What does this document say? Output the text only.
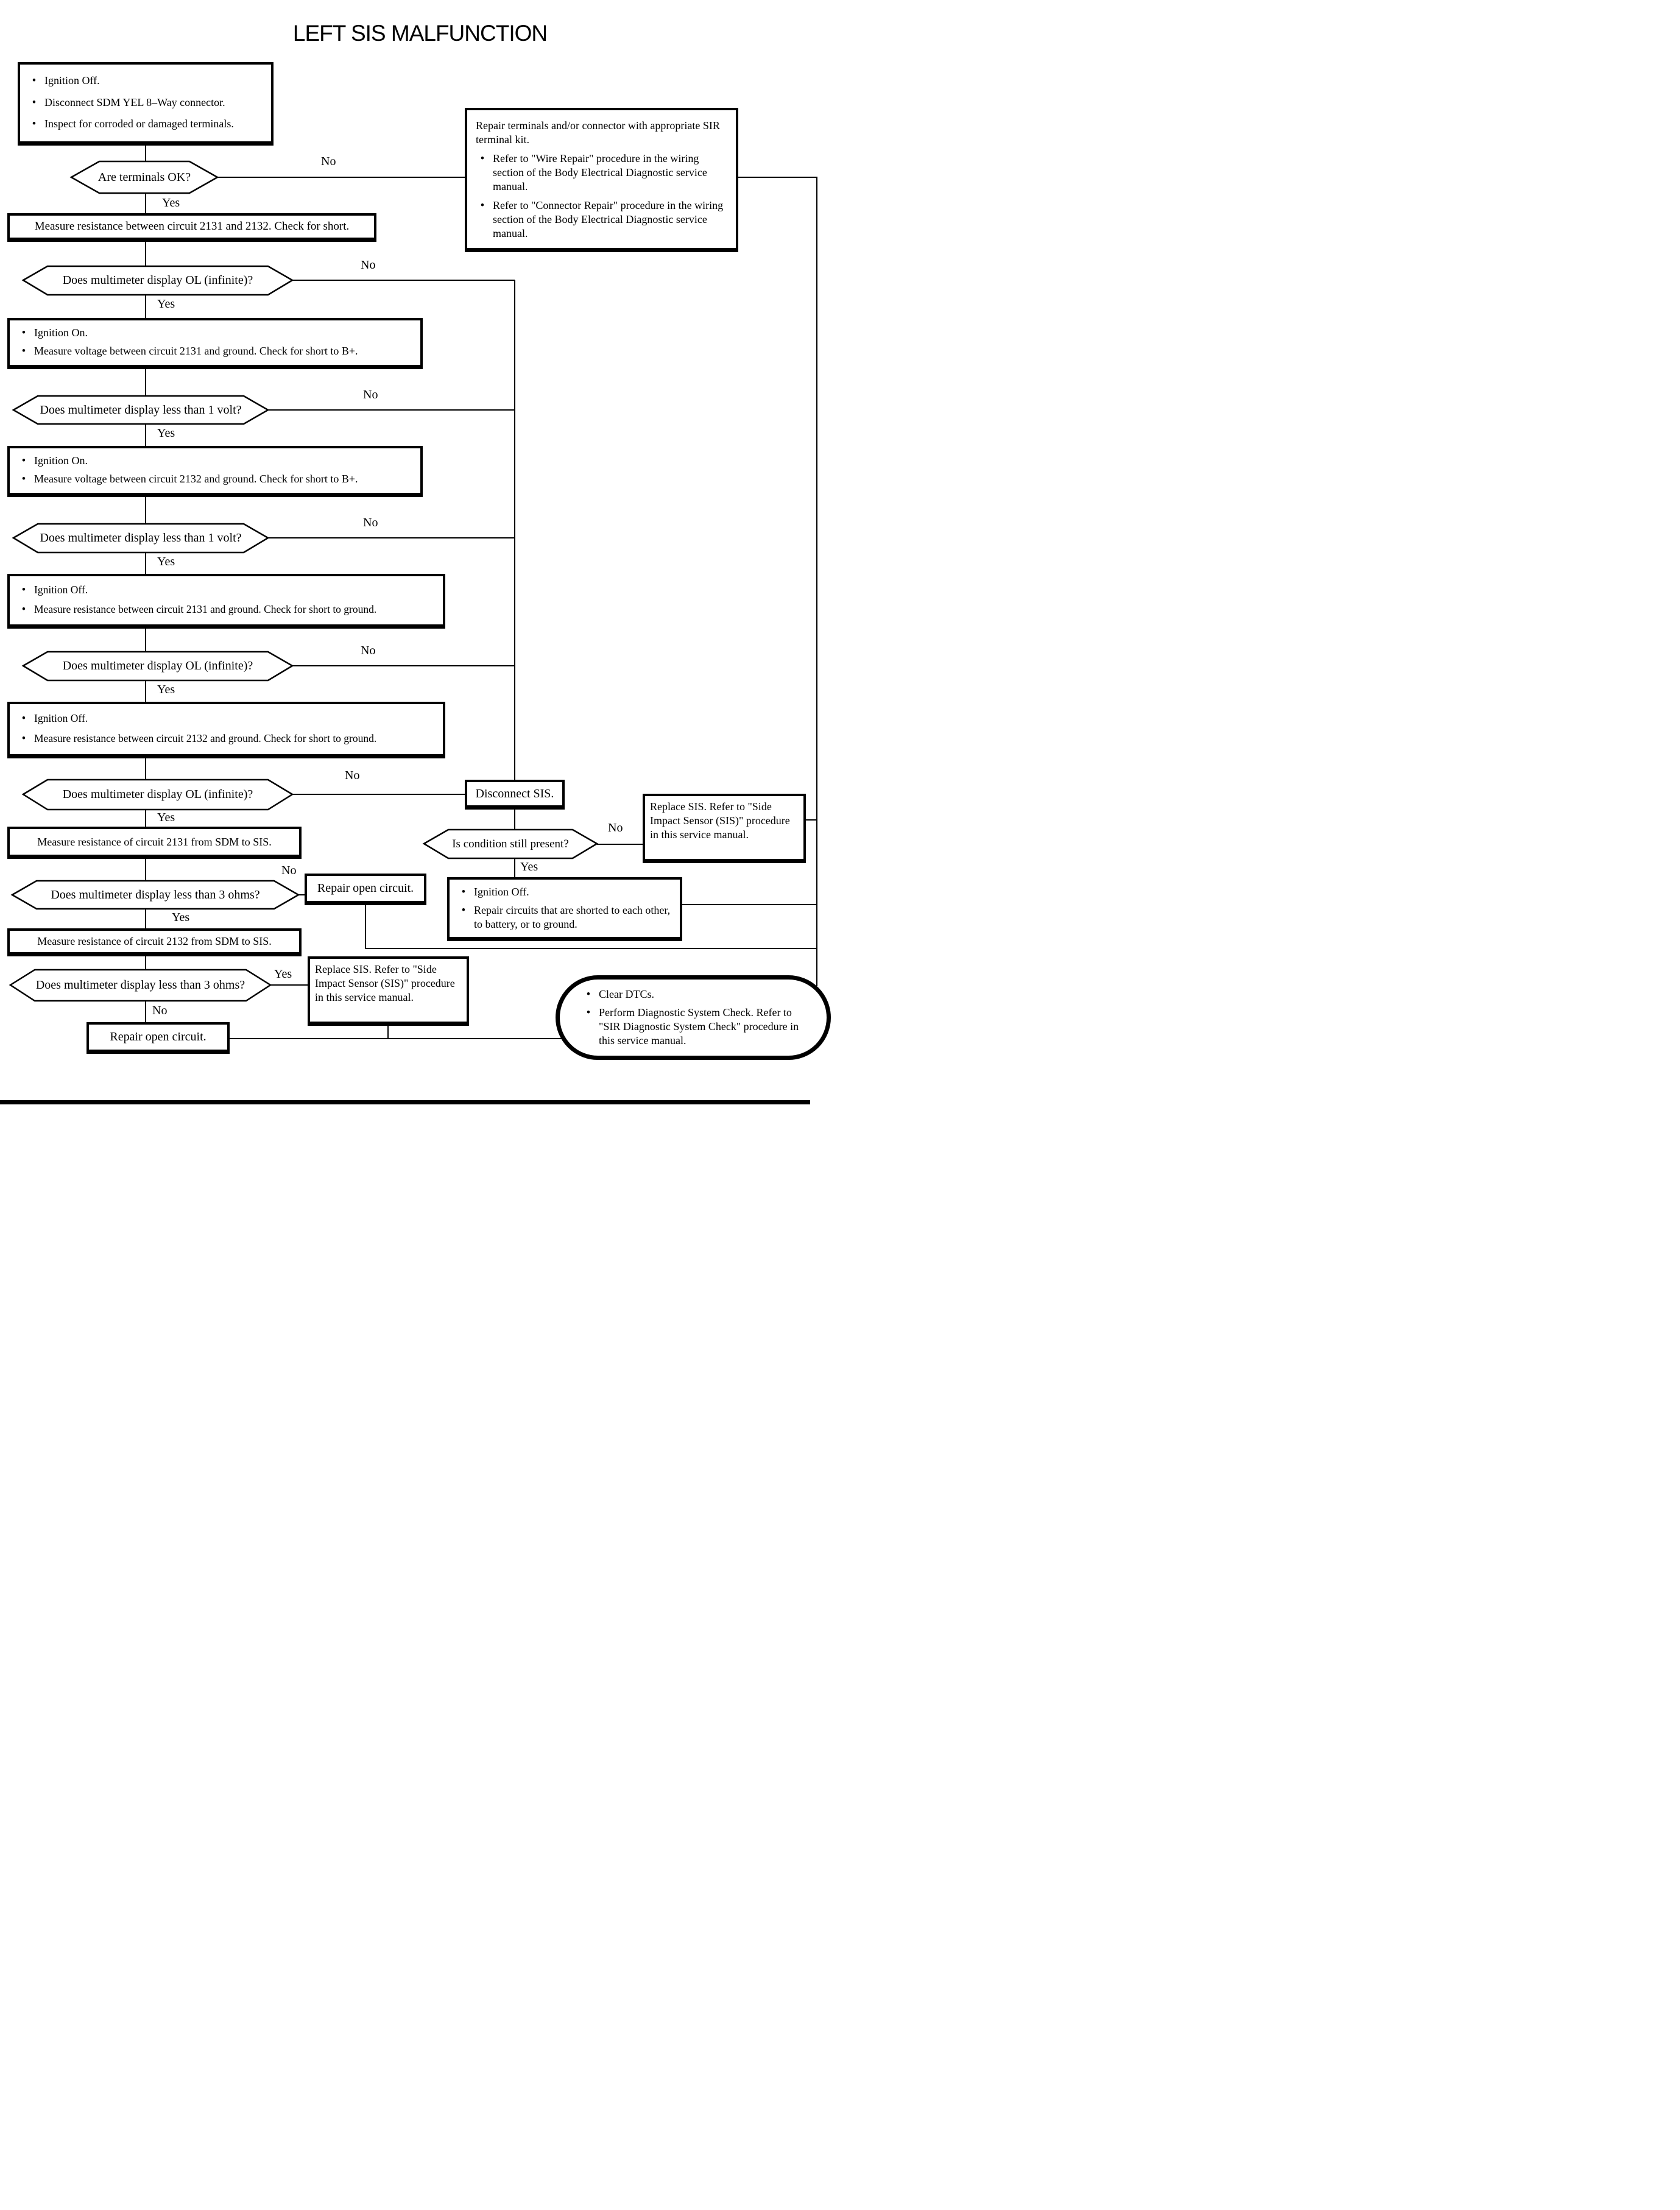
LEFT SIS MALFUNCTION
• Ignition Off.
• Disconnect SDM YEL 8–Way connector.
• Inspect for corroded or damaged terminals.	Repair terminals and/or connector with appropriate SIR terminal kit.
• Refer to "Wire Repair" procedure in the wiring section of the Body Electrical Diagnostic service manual.
• Refer to "Connector Repair" procedure in the wiring section of the Body Electrical Diagnostic service manual.
Measure resistance between circuit 2131 and 2132. Check for short.
• Ignition On.
• Measure voltage between circuit 2131 and ground. Check for short to B+.
• Ignition On.
• Measure voltage between circuit 2132 and ground. Check for short to B+.
• Ignition Off.
• Measure resistance between circuit 2131 and ground. Check for short to ground.
• Ignition Off.
• Measure resistance between circuit 2132 and ground. Check for short to ground.
Disconnect SIS.
Replace SIS. Refer to "Side Impact Sensor (SIS)" procedure in this service manual.
• Ignition Off.
• Repair circuits that are shorted to each other, to battery, or to ground.
Measure resistance of circuit 2131 from SDM to SIS.
Repair open circuit.
Measure resistance of circuit 2132 from SDM to SIS.
Replace SIS. Refer to "Side Impact Sensor (SIS)" procedure in this service manual.
Repair open circuit.
• Clear DTCs.
• Perform Diagnostic System Check. Refer to "SIR Diagnostic System Check" procedure in this service manual.
Are terminals OK?
Does multimeter display OL (infinite)?
Does multimeter display less than 1 volt?
Does multimeter display less than 1 volt?
Does multimeter display OL (infinite)?
Does multimeter display OL (infinite)?
Does multimeter display less than 3 ohms?
Is condition still present?
Does multimeter display less than 3 ohms?
No
Yes
No
Yes
No
Yes
No
Yes
No
Yes
No
Yes
No
Yes
No
Yes
Yes
No
